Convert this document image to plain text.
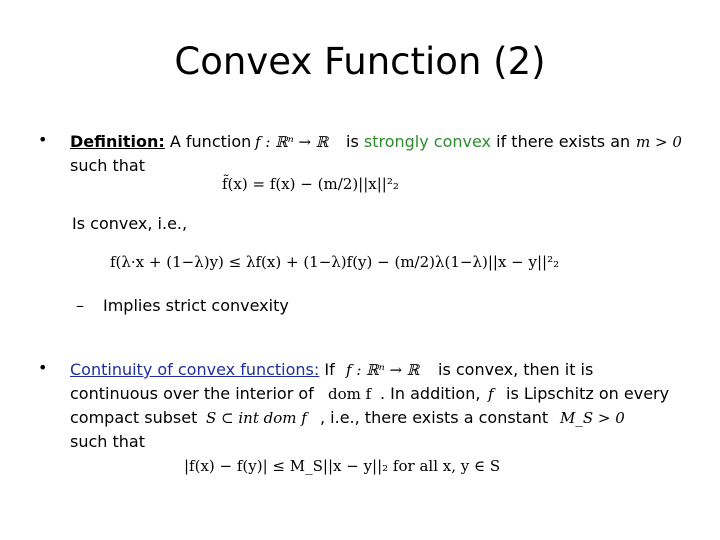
Convex Function (2)
• Definition: A function f : ℝⁿ → ℝ is strongly convex if there exists an m > 0
such that
f̃(x) = f(x) − (m/2)||x||²₂
Is convex, i.e.,
f(λ·x + (1−λ)y) ≤ λf(x) + (1−λ)f(y) − (m/2)λ(1−λ)||x − y||²₂
– Implies strict convexity
• Continuity of convex functions: If f : ℝⁿ → ℝ is convex, then it is
continuous over the interior of dom f . In addition, f is Lipschitz on every
compact subset S ⊂ int dom f , i.e., there exists a constant M_S > 0
such that
|f(x) − f(y)| ≤ M_S||x − y||₂ for all x, y ∈ S
